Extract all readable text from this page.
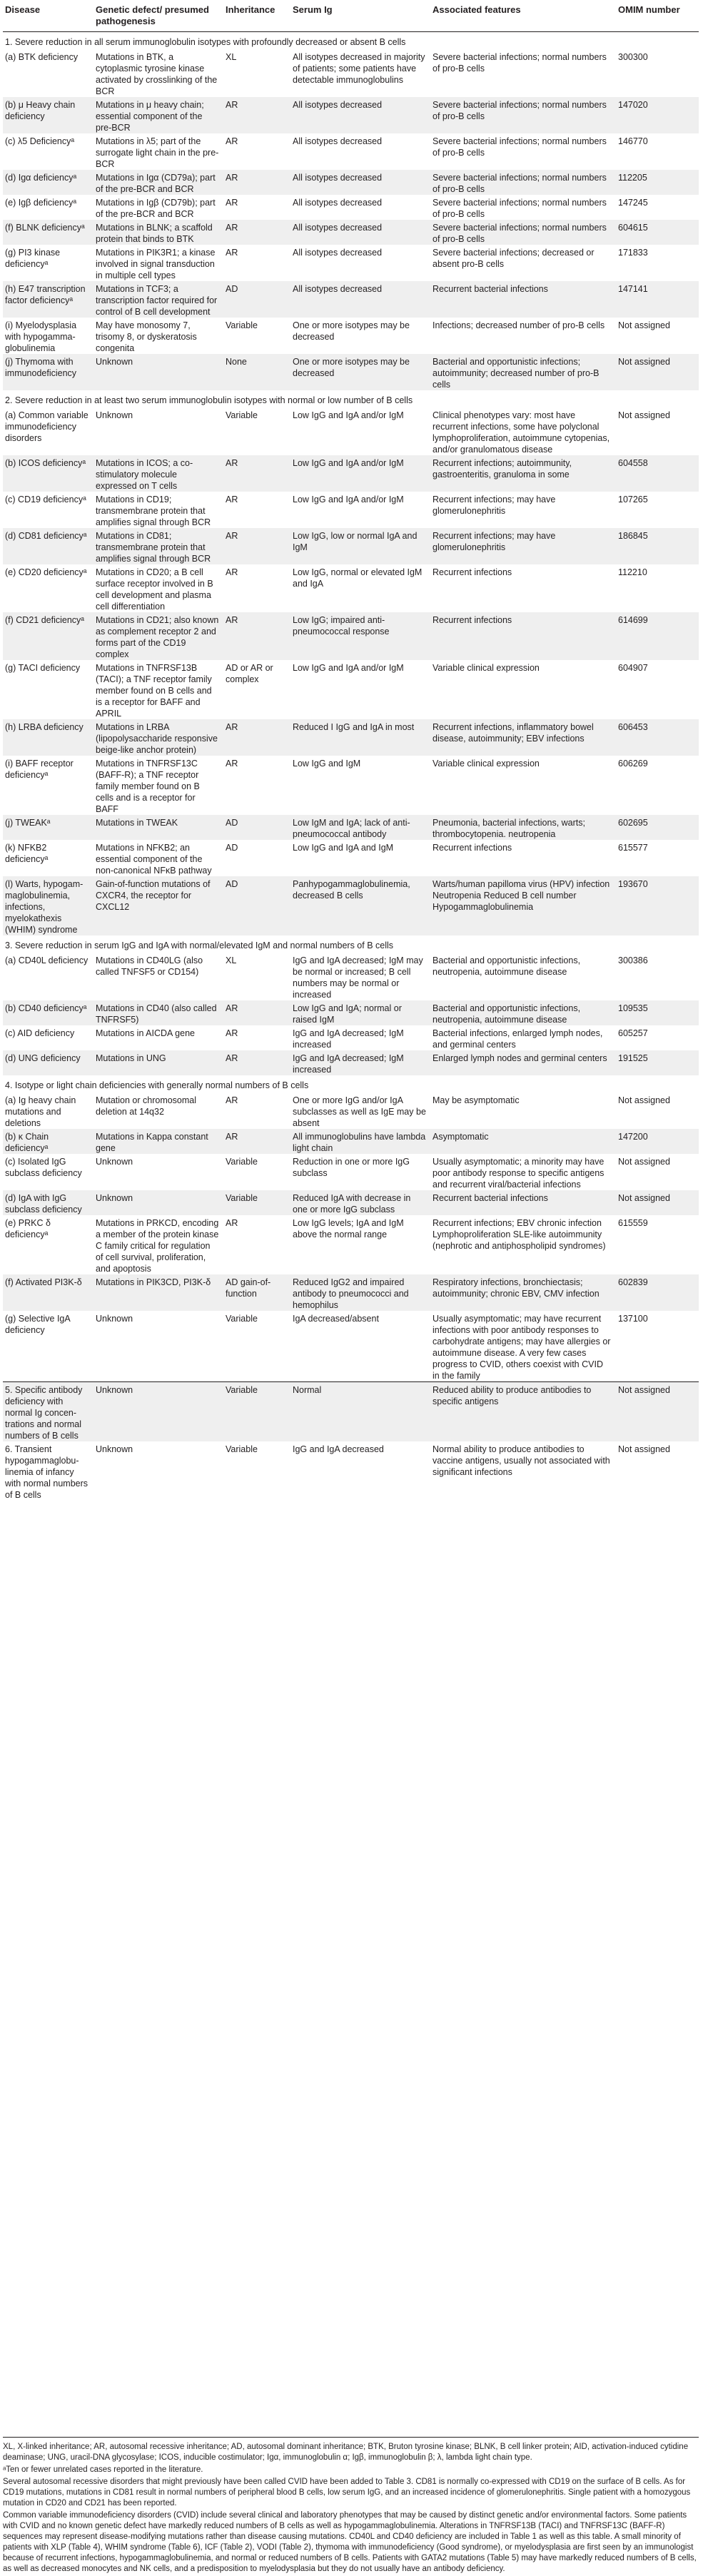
Disease	Genetic defect/ presumed pathogenesis	Inheritance	Serum Ig	Associated features	OMIM number
1. Severe reduction in all serum immunoglobulin isotypes with profoundly decreased or absent B cells					
(a) BTK deficiency	Mutations in BTK, a cytoplasmic tyrosine kinase activated by crosslinking of the BCR	XL	All isotypes decreased in majority of patients; some patients have detectable immunoglobulins	Severe bacterial infections; normal numbers of pro-B cells	300300
(b) μ Heavy chain deficiency	Mutations in μ heavy chain; essential component of the pre-BCR	AR	All isotypes decreased	Severe bacterial infections; normal numbers of pro-B cells	147020
(c) λ5 Deficiencyᵃ	Mutations in λ5; part of the surrogate light chain in the pre-BCR	AR	All isotypes decreased	Severe bacterial infections; normal numbers of pro-B cells	146770
(d) Igα deficiencyᵃ	Mutations in Igα (CD79a); part of the pre-BCR and BCR	AR	All isotypes decreased	Severe bacterial infections; normal numbers of pro-B cells	112205
(e) Igβ deficiencyᵃ	Mutations in Igβ (CD79b); part of the pre-BCR and BCR	AR	All isotypes decreased	Severe bacterial infections; normal numbers of pro-B cells	147245
(f) BLNK deficiencyᵃ	Mutations in BLNK; a scaffold protein that binds to BTK	AR	All isotypes decreased	Severe bacterial infections; normal numbers of pro-B cells	604615
(g) PI3 kinase deficiencyᵃ	Mutations in PIK3R1; a kinase involved in signal transduction in multiple cell types	AR	All isotypes decreased	Severe bacterial infections; decreased or absent pro-B cells	171833
(h) E47 transcription factor deficiencyᵃ	Mutations in TCF3; a transcription factor required for control of B cell development	AD	All isotypes decreased	Recurrent bacterial infections	147141
(i) Myelodysplasia with hypogamma-globulinemia	May have monosomy 7, trisomy 8, or dyskeratosis congenita	Variable	One or more isotypes may be decreased	Infections; decreased number of pro-B cells	Not assigned
(j) Thymoma with immunodeficiency	Unknown	None	One or more isotypes may be decreased	Bacterial and opportunistic infections; autoimmunity; decreased number of pro-B cells	Not assigned
2. Severe reduction in at least two serum immunoglobulin isotypes with normal or low number of B cells					
(a) Common variable immunodeficiency disorders	Unknown	Variable	Low IgG and IgA and/or IgM	Clinical phenotypes vary: most have recurrent infections, some have polyclonal lymphoproliferation, autoimmune cytopenias, and/or granulomatous disease	Not assigned
(b) ICOS deficiencyᵃ	Mutations in ICOS; a co-stimulatory molecule expressed on T cells	AR	Low IgG and IgA and/or IgM	Recurrent infections; autoimmunity, gastroenteritis, granuloma in some	604558
(c) CD19 deficiencyᵃ	Mutations in CD19; transmembrane protein that amplifies signal through BCR	AR	Low IgG and IgA and/or IgM	Recurrent infections; may have glomerulonephritis	107265
(d) CD81 deficiencyᵃ	Mutations in CD81; transmembrane protein that amplifies signal through BCR	AR	Low IgG, low or normal IgA and IgM	Recurrent infections; may have glomerulonephritis	186845
(e) CD20 deficiencyᵃ	Mutations in CD20; a B cell surface receptor involved in B cell development and plasma cell differentiation	AR	Low IgG, normal or elevated IgM and IgA	Recurrent infections	112210
(f) CD21 deficiencyᵃ	Mutations in CD21; also known as complement receptor 2 and forms part of the CD19 complex	AR	Low IgG; impaired anti-pneumococcal response	Recurrent infections	614699
(g) TACI deficiency	Mutations in TNFRSF13B (TACI); a TNF receptor family member found on B cells and is a receptor for BAFF and APRIL	AD or AR or complex	Low IgG and IgA and/or IgM	Variable clinical expression	604907
(h) LRBA deficiency	Mutations in LRBA (lipopolysaccharide responsive beige-like anchor protein)	AR	Reduced I IgG and IgA in most	Recurrent infections, inflammatory bowel disease, autoimmunity; EBV infections	606453
(i) BAFF receptor deficiencyᵃ	Mutations in TNFRSF13C (BAFF-R); a TNF receptor family member found on B cells and is a receptor for BAFF	AR	Low IgG and IgM	Variable clinical expression	606269
(j) TWEAKᵃ	Mutations in TWEAK	AD	Low IgM and IgA; lack of anti-pneumococcal antibody	Pneumonia, bacterial infections, warts; thrombocytopenia. neutropenia	602695
(k) NFKB2 deficiencyᵃ	Mutations in NFKB2; an essential component of the non-canonical NFκB pathway	AD	Low IgG and IgA and IgM	Recurrent infections	615577
(l) Warts, hypogam-maglobulinemia, infections, myelokathexis (WHIM) syndrome	Gain-of-function mutations of CXCR4, the receptor for CXCL12	AD	Panhypogammaglobulinemia, decreased B cells	Warts/human papilloma virus (HPV) infection Neutropenia Reduced B cell number Hypogammaglobulinemia	193670
3. Severe reduction in serum IgG and IgA with normal/elevated IgM and normal numbers of B cells					
(a) CD40L deficiency	Mutations in CD40LG (also called TNFSF5 or CD154)	XL	IgG and IgA decreased; IgM may be normal or increased; B cell numbers may be normal or increased	Bacterial and opportunistic infections, neutropenia, autoimmune disease	300386
(b) CD40 deficiencyᵃ	Mutations in CD40 (also called TNFRSF5)	AR	Low IgG and IgA; normal or raised IgM	Bacterial and opportunistic infections, neutropenia, autoimmune disease	109535
(c) AID deficiency	Mutations in AICDA gene	AR	IgG and IgA decreased; IgM increased	Bacterial infections, enlarged lymph nodes, and germinal centers	605257
(d) UNG deficiency	Mutations in UNG	AR	IgG and IgA decreased; IgM increased	Enlarged lymph nodes and germinal centers	191525
4. Isotype or light chain deficiencies with generally normal numbers of B cells					
(a) Ig heavy chain mutations and deletions	Mutation or chromosomal deletion at 14q32	AR	One or more IgG and/or IgA subclasses as well as IgE may be absent	May be asymptomatic	Not assigned
(b) κ Chain deficiencyᵃ	Mutations in Kappa constant gene	AR	All immunoglobulins have lambda light chain	Asymptomatic	147200
(c) Isolated IgG subclass deficiency	Unknown	Variable	Reduction in one or more IgG subclass	Usually asymptomatic; a minority may have poor antibody response to specific antigens and recurrent viral/bacterial infections	Not assigned
(d) IgA with IgG subclass deficiency	Unknown	Variable	Reduced IgA with decrease in one or more IgG subclass	Recurrent bacterial infections	Not assigned
(e) PRKC δ deficiencyᵃ	Mutations in PRKCD, encoding a member of the protein kinase C family critical for regulation of cell survival, proliferation, and apoptosis	AR	Low IgG levels; IgA and IgM above the normal range	Recurrent infections; EBV chronic infection Lymphoproliferation SLE-like autoimmunity (nephrotic and antiphospholipid syndromes)	615559
(f) Activated PI3K-δ	Mutations in PIK3CD, PI3K-δ	AD gain-of-function	Reduced IgG2 and impaired antibody to pneumococci and hemophilus	Respiratory infections, bronchiectasis; autoimmunity; chronic EBV, CMV infection	602839
(g) Selective IgA deficiency	Unknown	Variable	IgA decreased/absent	Usually asymptomatic; may have recurrent infections with poor antibody responses to carbohydrate antigens; may have allergies or autoimmune disease. A very few cases progress to CVID, others coexist with CVID in the family	137100
5. Specific antibody deficiency with normal Ig concen-trations and normal numbers of B cells	Unknown	Variable	Normal	Reduced ability to produce antibodies to specific antigens	Not assigned
6. Transient hypogammaglobu-linemia of infancy with normal numbers of B cells	Unknown	Variable	IgG and IgA decreased	Normal ability to produce antibodies to vaccine antigens, usually not associated with significant infections	Not assigned

XL, X-linked inheritance; AR, autosomal recessive inheritance; AD, autosomal dominant inheritance; BTK, Bruton tyrosine kinase; BLNK, B cell linker protein; AID, activation-induced cytidine deaminase; UNG, uracil-DNA glycosylase; ICOS, inducible costimulator; Igα, immunoglobulin α; Igβ, immunoglobulin β; λ, lambda light chain type.

ᵃTen or fewer unrelated cases reported in the literature.

Several autosomal recessive disorders that might previously have been called CVID have been added to Table 3. CD81 is normally co-expressed with CD19 on the surface of B cells. As for CD19 mutations, mutations in CD81 result in normal numbers of peripheral blood B cells, low serum IgG, and an increased incidence of glomerulonephritis. Single patient with a homozygous mutation in CD20 and CD21 has been reported.

Common variable immunodeficiency disorders (CVID) include several clinical and laboratory phenotypes that may be caused by distinct genetic and/or environmental factors. Some patients with CVID and no known genetic defect have markedly reduced numbers of B cells as well as hypogammaglobulinemia. Alterations in TNFRSF13B (TACI) and TNFRSF13C (BAFF-R) sequences may represent disease-modifying mutations rather than disease causing mutations. CD40L and CD40 deficiency are included in Table 1 as well as this table. A small minority of patients with XLP (Table 4), WHIM syndrome (Table 6), ICF (Table 2), VODI (Table 2), thymoma with immunodeficiency (Good syndrome), or myelodysplasia are first seen by an immunologist because of recurrent infections, hypogammaglobulinemia, and normal or reduced numbers of B cells. Patients with GATA2 mutations (Table 5) may have markedly reduced numbers of B cells, as well as decreased monocytes and NK cells, and a predisposition to myelodysplasia but they do not usually have an antibody deficiency.
